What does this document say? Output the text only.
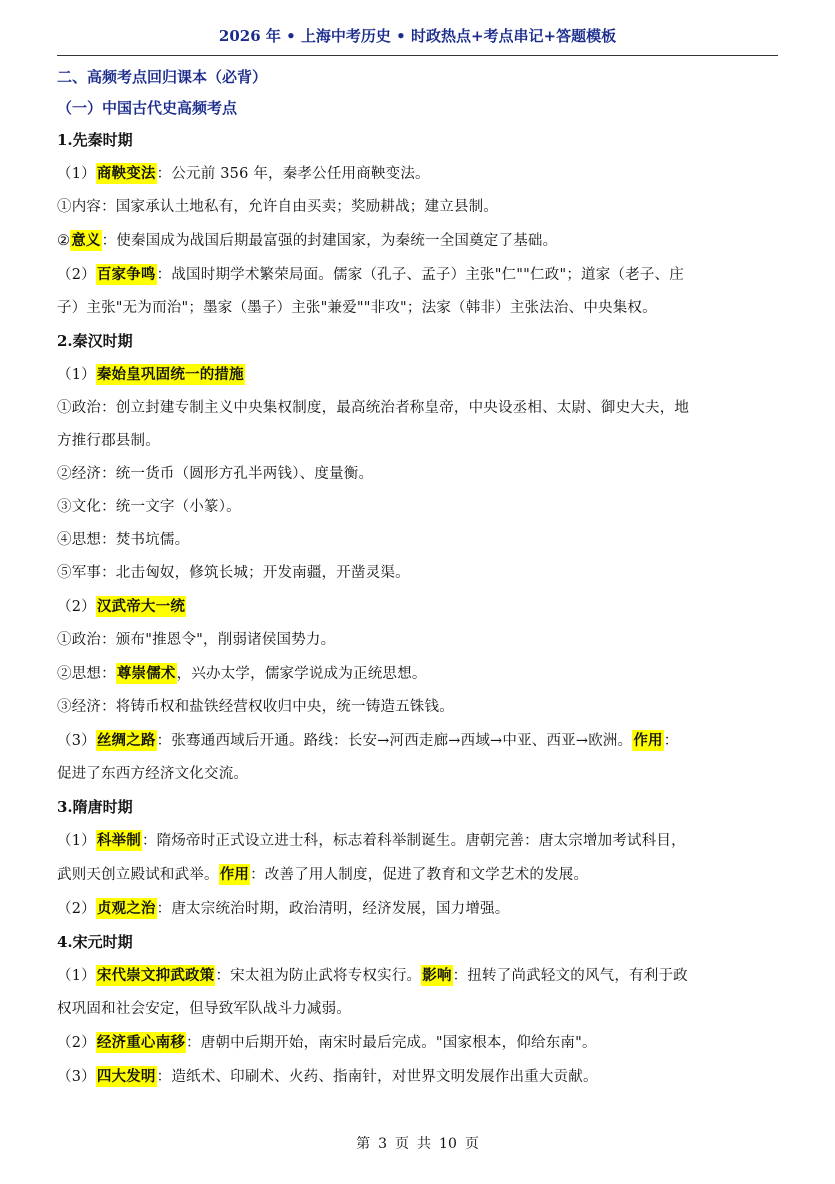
2026 年 • 上海中考历史 • 时政热点+考点串记+答题模板
二、高频考点回归课本（必背）
（一）中国古代史高频考点
1.先秦时期
（1）商鞅变法：公元前 356 年，秦孝公任用商鞅变法。
①内容：国家承认土地私有，允许自由买卖；奖励耕战；建立县制。
②意义：使秦国成为战国后期最富强的封建国家，为秦统一全国奠定了基础。
（2）百家争鸣：战国时期学术繁荣局面。儒家（孔子、孟子）主张"仁""仁政"；道家（老子、庄
子）主张"无为而治"；墨家（墨子）主张"兼爱""非攻"；法家（韩非）主张法治、中央集权。
2.秦汉时期
（1）秦始皇巩固统一的措施
①政治：创立封建专制主义中央集权制度，最高统治者称皇帝，中央设丞相、太尉、御史大夫，地
方推行郡县制。
②经济：统一货币（圆形方孔半两钱）、度量衡。
③文化：统一文字（小篆）。
④思想：焚书坑儒。
⑤军事：北击匈奴，修筑长城；开发南疆，开凿灵渠。
（2）汉武帝大一统
①政治：颁布"推恩令"，削弱诸侯国势力。
②思想：尊崇儒术，兴办太学，儒家学说成为正统思想。
③经济：将铸币权和盐铁经营权收归中央，统一铸造五铢钱。
（3）丝绸之路：张骞通西域后开通。路线：长安→河西走廊→西域→中亚、西亚→欧洲。作用：
促进了东西方经济文化交流。
3.隋唐时期
（1）科举制：隋炀帝时正式设立进士科，标志着科举制诞生。唐朝完善：唐太宗增加考试科目，
武则天创立殿试和武举。作用：改善了用人制度，促进了教育和文学艺术的发展。
（2）贞观之治：唐太宗统治时期，政治清明，经济发展，国力增强。
4.宋元时期
（1）宋代崇文抑武政策：宋太祖为防止武将专权实行。影响：扭转了尚武轻文的风气，有利于政
权巩固和社会安定，但导致军队战斗力减弱。
（2）经济重心南移：唐朝中后期开始，南宋时最后完成。"国家根本，仰给东南"。
（3）四大发明：造纸术、印刷术、火药、指南针，对世界文明发展作出重大贡献。
第 3 页 共 10 页
